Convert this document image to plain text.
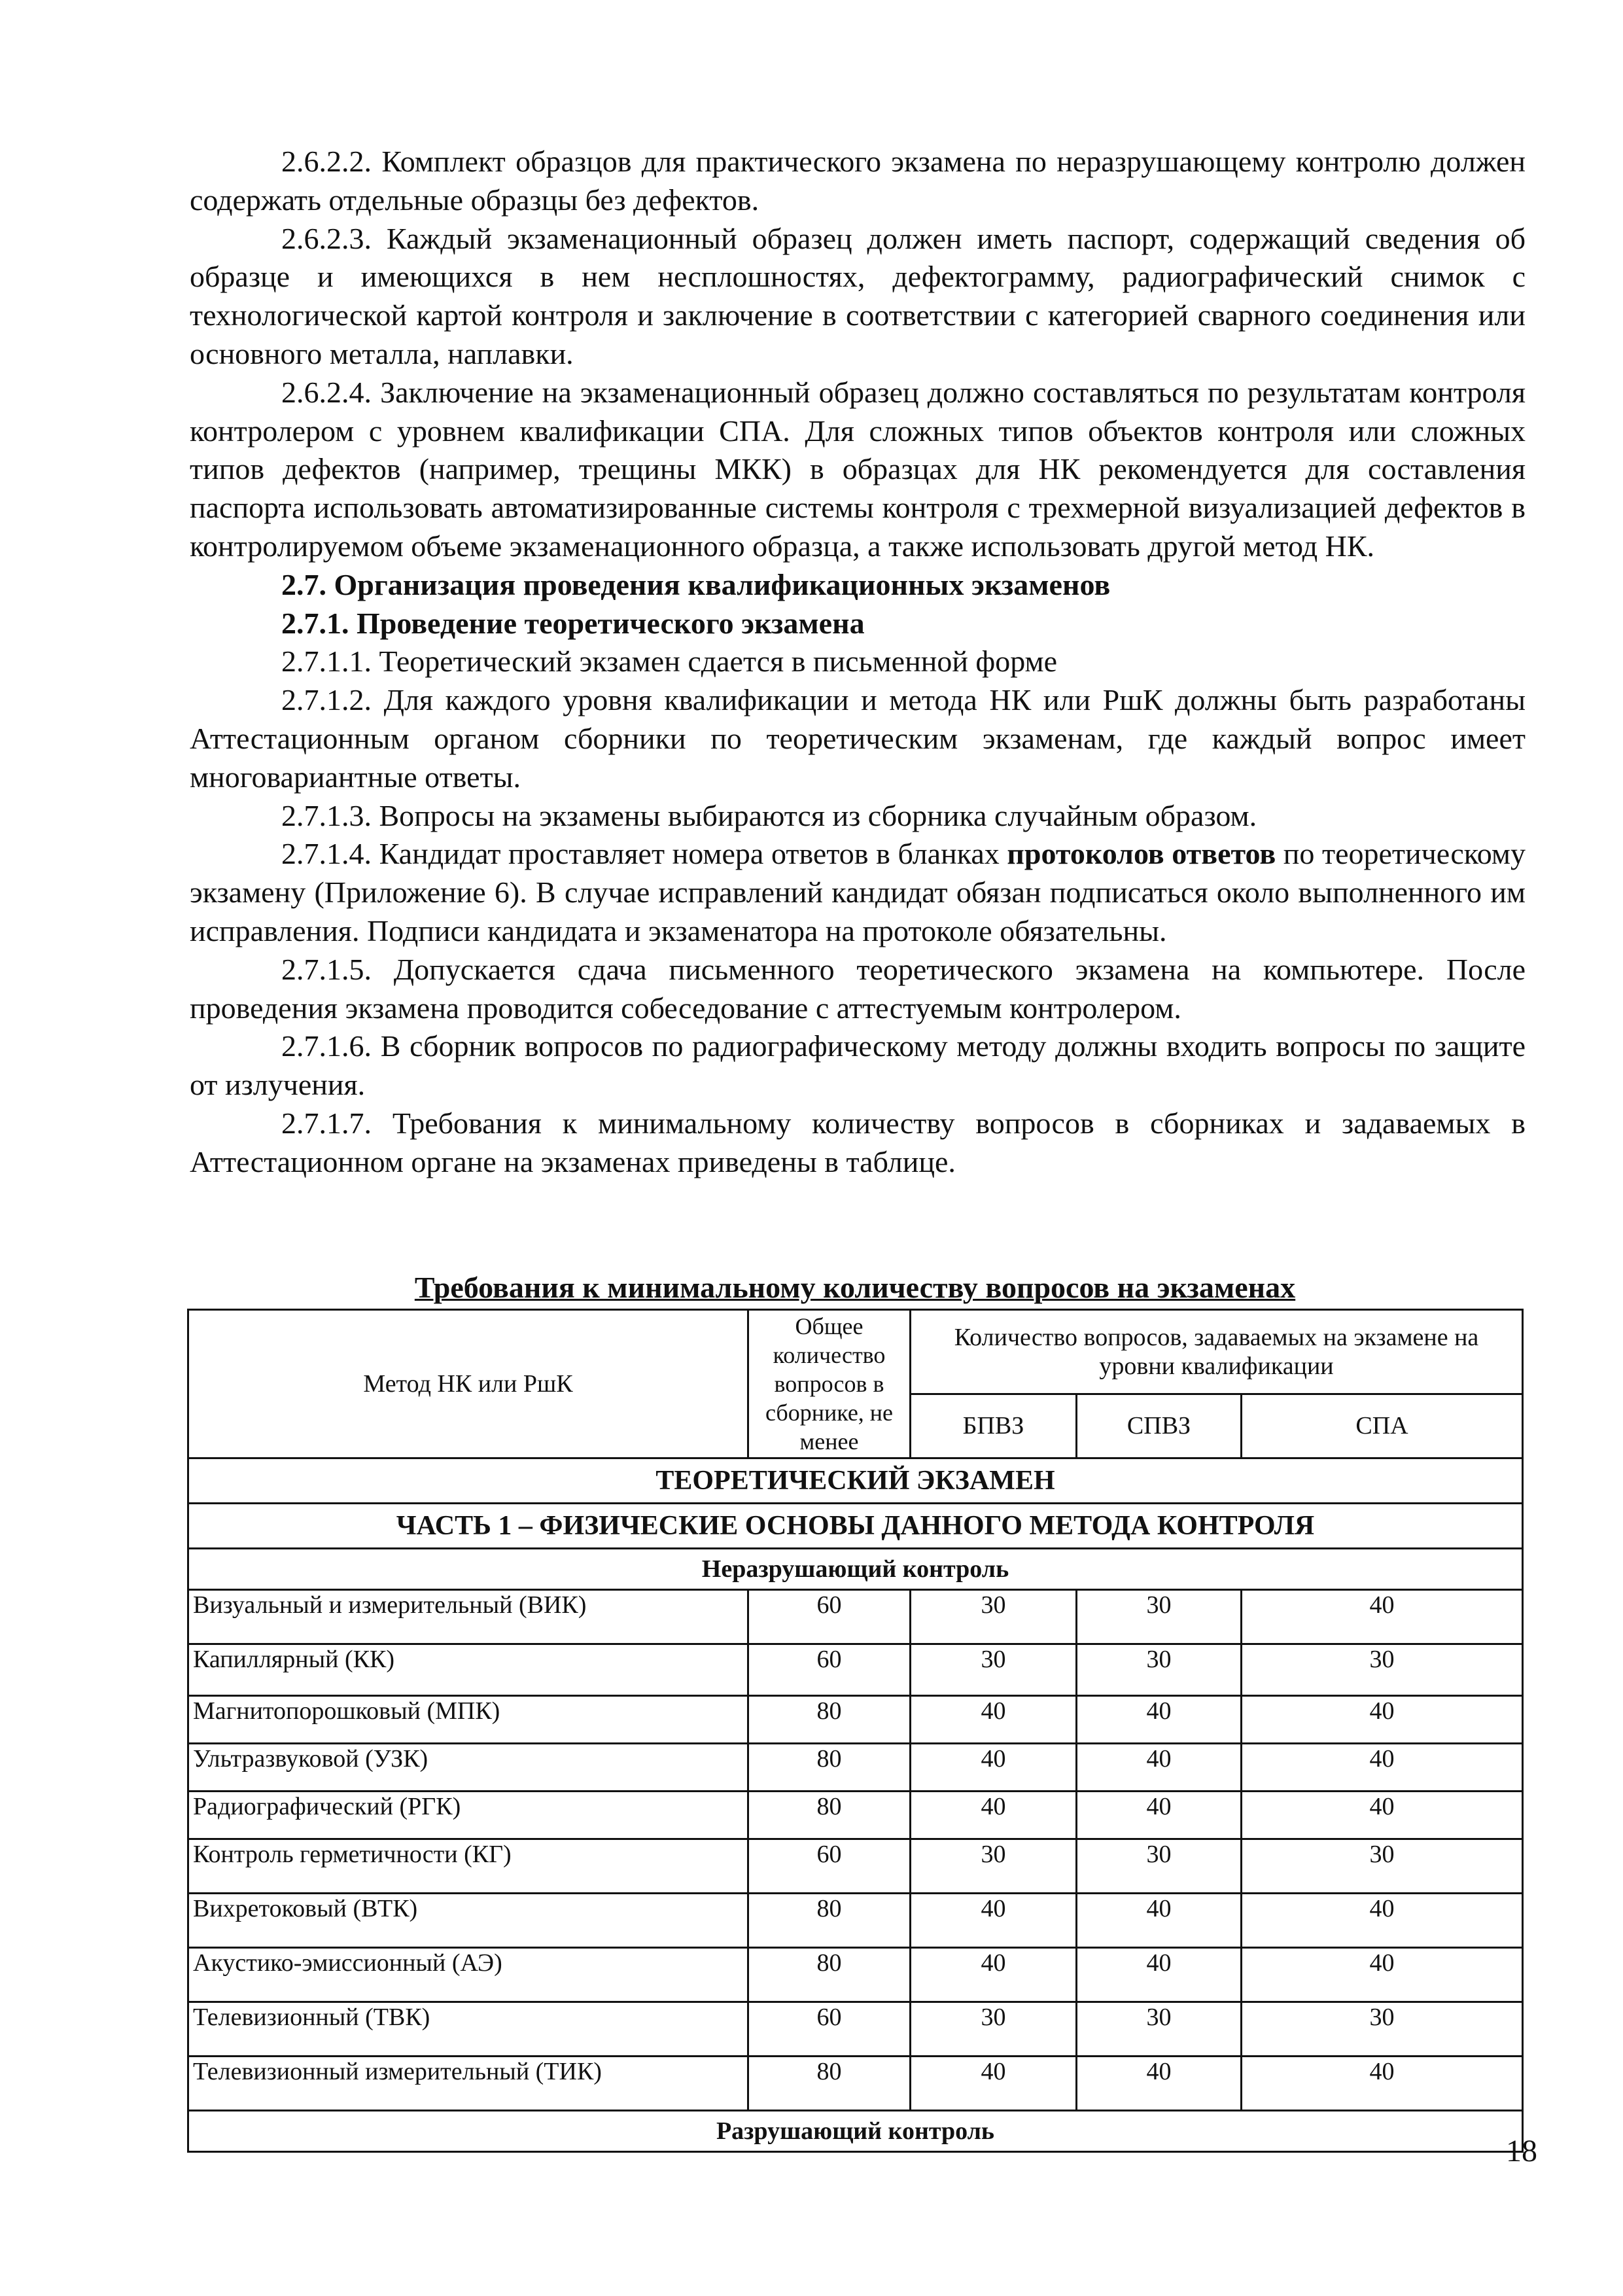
2.6.2.2. Комплект образцов для практического экзамена по неразрушающему контролю должен содержать отдельные образцы без дефектов.

2.6.2.3. Каждый экзаменационный образец должен иметь паспорт, содержащий сведения об образце и имеющихся в нем несплошностях, дефектограмму, радиографический снимок с технологической картой контроля и заключение в соответствии с категорией сварного соединения или основного металла, наплавки.

2.6.2.4. Заключение на экзаменационный образец должно составляться по результатам контроля контролером с уровнем квалификации СПА. Для сложных типов объектов контроля или сложных типов дефектов (например, трещины МКК) в образцах для НК рекомендуется для составления паспорта использовать автоматизированные системы контроля с трехмерной визуализацией дефектов в контролируемом объеме экзаменационного образца, а также использовать другой метод НК.

2.7. Организация проведения квалификационных экзаменов

2.7.1. Проведение теоретического экзамена

2.7.1.1. Теоретический экзамен сдается в письменной форме

2.7.1.2. Для каждого уровня квалификации и метода НК или РшК должны быть разработаны Аттестационным органом сборники по теоретическим экзаменам, где каждый вопрос имеет многовариантные ответы.

2.7.1.3. Вопросы на экзамены выбираются из сборника случайным образом.

2.7.1.4. Кандидат проставляет номера ответов в бланках протоколов ответов по теоретическому экзамену (Приложение 6). В случае исправлений кандидат обязан подписаться около выполненного им исправления. Подписи кандидата и экзаменатора на протоколе обязательны.

2.7.1.5. Допускается сдача письменного теоретического экзамена на компьютере. После проведения экзамена проводится собеседование с аттестуемым контролером.

2.7.1.6. В сборник вопросов по радиографическому методу должны входить вопросы по защите от излучения.

2.7.1.7. Требования к минимальному количеству вопросов в сборниках и задаваемых в Аттестационном органе на экзаменах приведены в таблице.

Требования к минимальному количеству вопросов на экзаменах
Метод НК или РшК	Общее количество вопросов в сборнике, не менее	Количество вопросов, задаваемых на экзамене на уровни квалификации		
		БПВЗ	СПВЗ	СПА
ТЕОРЕТИЧЕСКИЙ ЭКЗАМЕН				
ЧАСТЬ 1 – ФИЗИЧЕСКИЕ ОСНОВЫ ДАННОГО МЕТОДА КОНТРОЛЯ				
Неразрушающий контроль				
Визуальный и измерительный (ВИК)	60	30	30	40
Капиллярный (КК)	60	30	30	30
Магнитопорошковый (МПК)	80	40	40	40
Ультразвуковой (УЗК)	80	40	40	40
Радиографический (РГК)	80	40	40	40
Контроль герметичности (КГ)	60	30	30	30
Вихретоковый (ВТК)	80	40	40	40
Акустико-эмиссионный (АЭ)	80	40	40	40
Телевизионный (ТВК)	60	30	30	30
Телевизионный измерительный (ТИК)	80	40	40	40
Разрушающий контроль				
18
